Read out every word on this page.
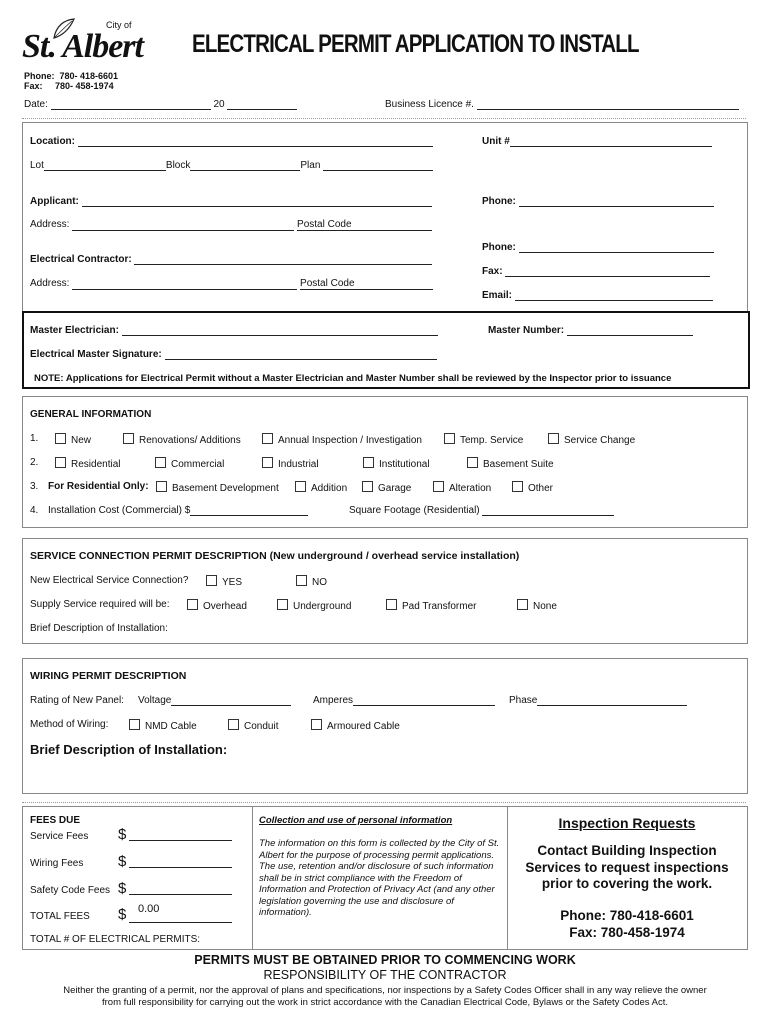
City of
St. Albert ELECTRICAL PERMIT APPLICATION TO INSTALL
Phone: 780- 418-6601
Fax: 780- 458-1974
Date:	20	Business Licence #.
Location:	Unit #
Lot	Block	Plan
Applicant:	Phone:
Address:	Postal Code
Phone:
Electrical Contractor:
Fax:
Address:	Postal Code
Email:
Master Electrician:	Master Number:
Electrical Master Signature:
NOTE: Applications for Electrical Permit without a Master Electrician and Master Number shall be reviewed by the Inspector prior to issuance
GENERAL INFORMATION
1.	New	Renovations/ Additions	Annual Inspection / Investigation	Temp. Service	Service Change
2.	Residential	Commercial	Industrial	Institutional	Basement Suite
3. For Residential Only:	Basement Development	Addition	Garage	Alteration	Other
4. Installation Cost (Commercial) $	Square Footage (Residential)
SERVICE CONNECTION PERMIT DESCRIPTION (New underground / overhead service installation)
New Electrical Service Connection?	YES	NO
Supply Service required will be:	Overhead	Underground	Pad Transformer	None
Brief Description of Installation:
WIRING PERMIT DESCRIPTION
Rating of New Panel: Voltage	Amperes	Phase
Method of Wiring:	NMD Cable	Conduit	Armoured Cable
Brief Description of Installation:
FEES DUE
Service Fees $
Wiring Fees $
Safety Code Fees $
TOTAL FEES $ 0.00
TOTAL # OF ELECTRICAL PERMITS:
Collection and use of personal information
The information on this form is collected by the City of St. Albert for the purpose of processing permit applications. The use, retention and/or disclosure of such information shall be in strict compliance with the Freedom of Information and Protection of Privacy Act (and any other legislation governing the use and disclosure of information).
Inspection Requests
Contact Building Inspection
Services to request inspections
prior to covering the work.
Phone: 780-418-6601
Fax: 780-458-1974
PERMITS MUST BE OBTAINED PRIOR TO COMMENCING WORK
RESPONSIBILITY OF THE CONTRACTOR
Neither the granting of a permit, nor the approval of plans and specifications, nor inspections by a Safety Codes Officer shall in any way relieve the owner
from full responsibility for carrying out the work in strict accordance with the Canadian Electrical Code, Bylaws or the Safety Codes Act.
